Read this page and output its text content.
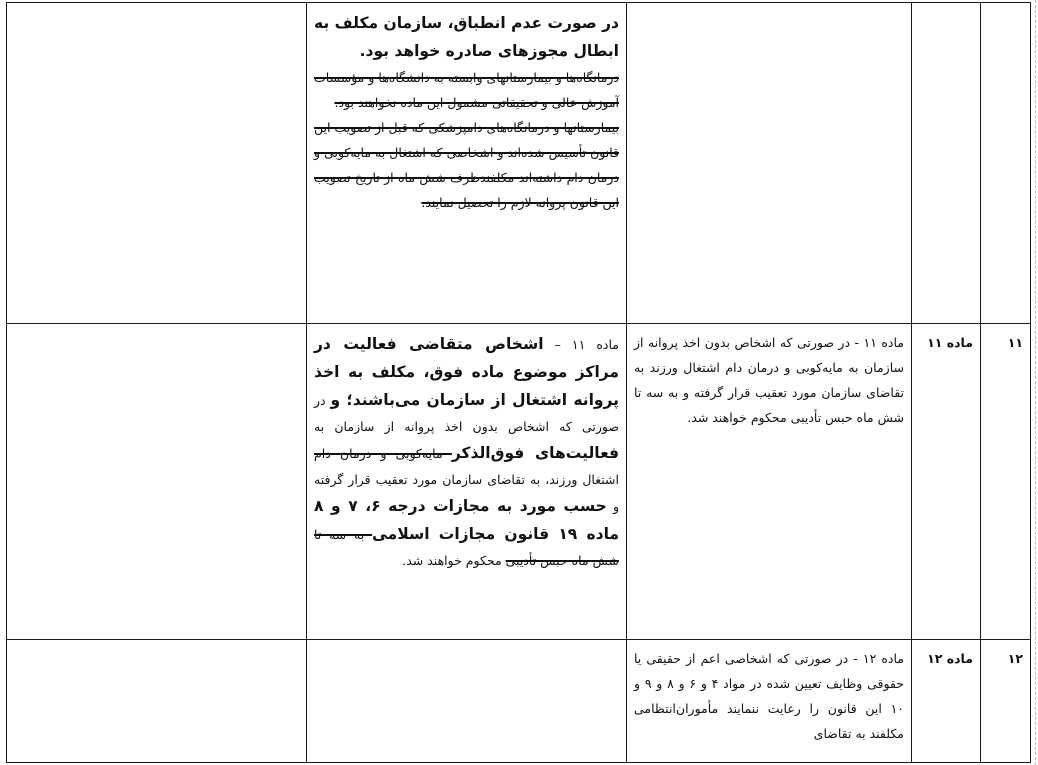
			در صورت عدم انطباق، سازمان مکلف به ابطال مجوزهای صادره خواهد بود.
درمانگاه‌ها و بیمارستانهای وابسته به دانشگاه‌ها و مؤسسات آموزش عالی و تحقیقاتی مشمول این ماده نخواهند بود.
بیمارستانها و درمانگاه‌های دامپزشکی که قبل از تصویب این قانون تأسیس شده‌اند و اشخاصی که اشتغال به مایه‌کوبی و درمان دام داشته‌اند مکلفندظرف شش ماه از تاریخ تصویب این قانون پروانه لازم را تحصیل نمایند.	

۱۱	ماده ۱۱	ماده ۱۱ - در صورتی که اشخاص بدون اخذ پروانه از سازمان به مایه‌کوبی و درمان دام اشتغال ورزند به تقاضای سازمان مورد تعقیب قرار گرفته و به سه تا شش ماه حبس تأدیبی محکوم خواهند شد.	ماده ۱۱ – اشخاص متقاضی فعالیت در مراکز موضوع ماده فوق، مکلف به اخذ پروانه اشتغال از سازمان می‌باشند؛ و در صورتی که اشخاص بدون اخذ پروانه از سازمان به فعالیت‌های فوق‌الذکر مایه‌کوبی و درمان دام اشتغال ورزند، به تقاضای سازمان مورد تعقیب قرار گرفته و حسب مورد به مجازات درجه ۶، ۷ و ۸ ماده ۱۹ قانون مجازات اسلامی به سه تا شش ماه حبس تأدیبی محکوم خواهند شد.	
۱۲	ماده ۱۲	ماده ۱۲ - در صورتی که اشخاصی اعم از حقیقی یا حقوقی وظایف تعیین شده در مواد ۴ و ۶ و ۸ و ۹ و ۱۰ این قانون را رعایت ننمایند مأموران‌انتظامی مکلفند به تقاضای		
